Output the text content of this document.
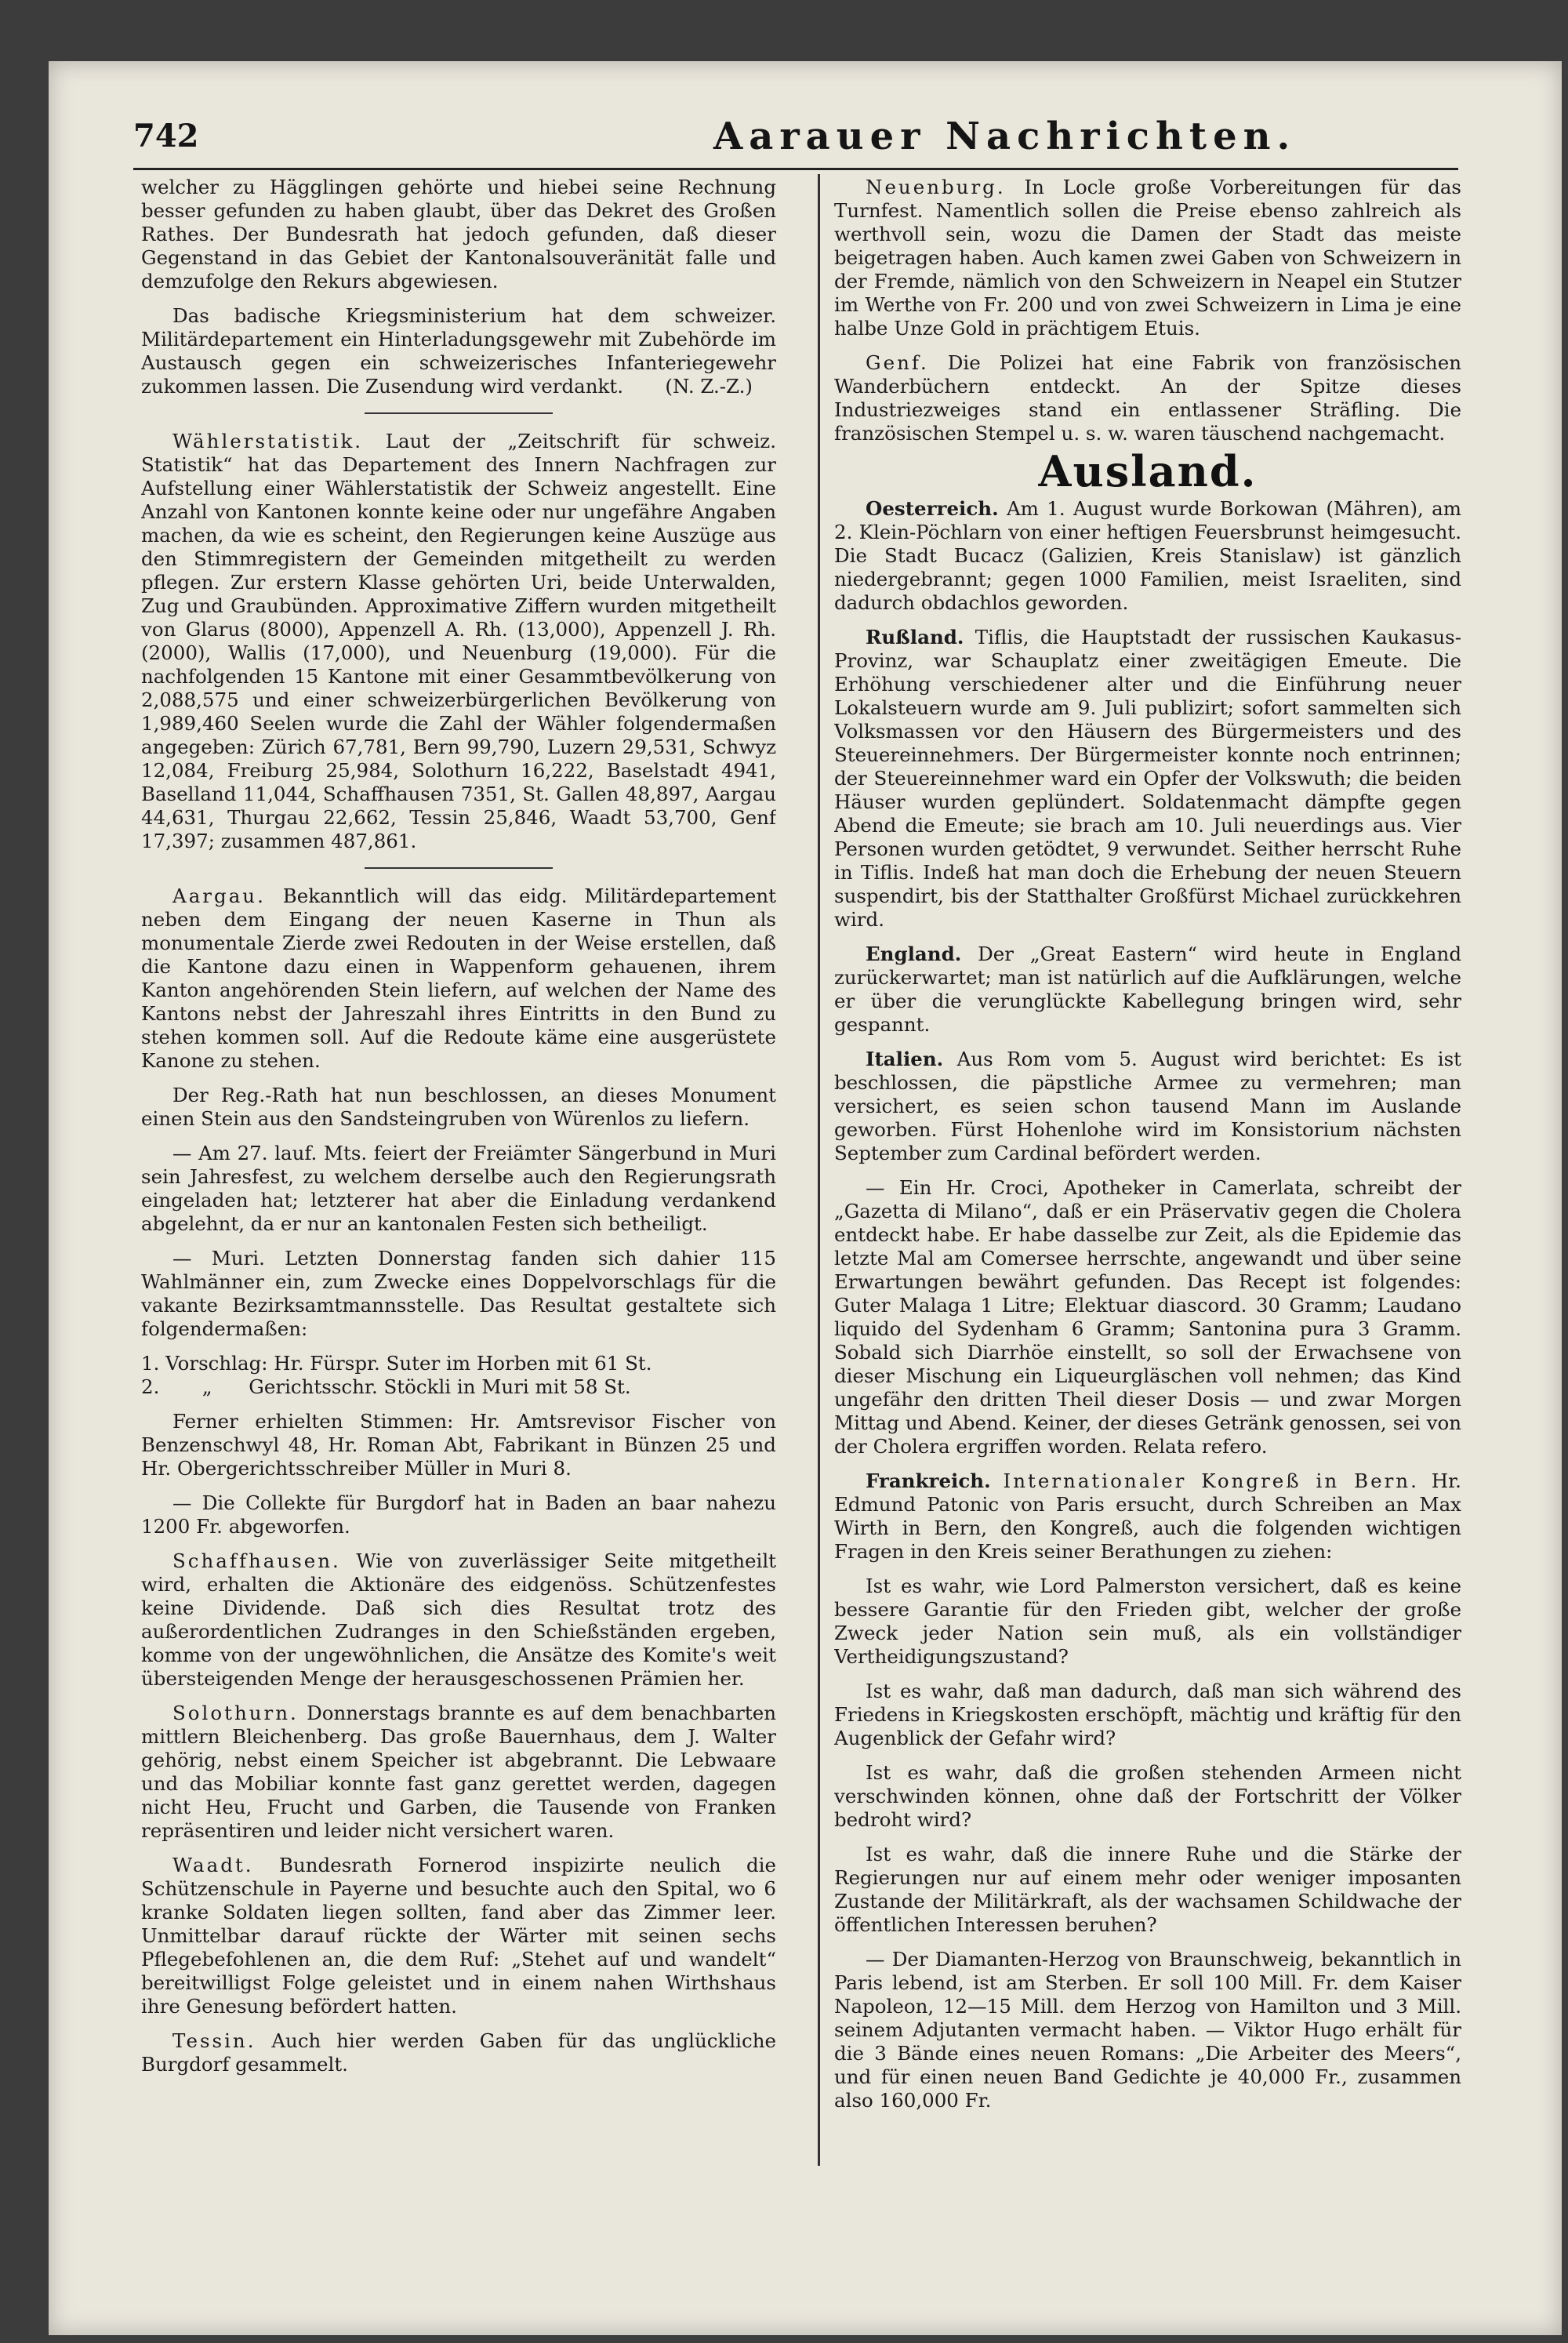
742	Aarauer Nachrichten.

welcher zu Hägglingen gehörte und hiebei seine Rechnung besser gefunden zu haben glaubt, über das Dekret des Großen Rathes. Der Bundesrath hat jedoch gefunden, daß dieser Gegenstand in das Gebiet der Kantonalsouveränität falle und demzufolge den Rekurs abgewiesen.

Das badische Kriegsministerium hat dem schweizer. Militärdepartement ein Hinterladungsgewehr mit Zubehörde im Austausch gegen ein schweizerisches Infanteriegewehr zukommen lassen. Die Zusendung wird verdankt.	(N. Z.-Z.)

Wählerstatistik. Laut der „Zeitschrift für schweiz. Statistik“ hat das Departement des Innern Nachfragen zur Aufstellung einer Wählerstatistik der Schweiz angestellt. Eine Anzahl von Kantonen konnte keine oder nur ungefähre Angaben machen, da wie es scheint, den Regierungen keine Auszüge aus den Stimmregistern der Gemeinden mitgetheilt zu werden pflegen. Zur erstern Klasse gehörten Uri, beide Unterwalden, Zug und Graubünden. Approximative Ziffern wurden mitgetheilt von Glarus (8000), Appenzell A. Rh. (13,000), Appenzell J. Rh. (2000), Wallis (17,000), und Neuenburg (19,000). Für die nachfolgenden 15 Kantone mit einer Gesammtbevölkerung von 2,088,575 und einer schweizerbürgerlichen Bevölkerung von 1,989,460 Seelen wurde die Zahl der Wähler folgendermaßen angegeben: Zürich 67,781, Bern 99,790, Luzern 29,531, Schwyz 12,084, Freiburg 25,984, Solothurn 16,222, Baselstadt 4941, Baselland 11,044, Schaffhausen 7351, St. Gallen 48,897, Aargau 44,631, Thurgau 22,662, Tessin 25,846, Waadt 53,700, Genf 17,397; zusammen 487,861.

Aargau. Bekanntlich will das eidg. Militärdepartement neben dem Eingang der neuen Kaserne in Thun als monumentale Zierde zwei Redouten in der Weise erstellen, daß die Kantone dazu einen in Wappenform gehauenen, ihrem Kanton angehörenden Stein liefern, auf welchen der Name des Kantons nebst der Jahreszahl ihres Eintritts in den Bund zu stehen kommen soll. Auf die Redoute käme eine ausgerüstete Kanone zu stehen.

Der Reg.-Rath hat nun beschlossen, an dieses Monument einen Stein aus den Sandsteingruben von Würenlos zu liefern.

— Am 27. lauf. Mts. feiert der Freiämter Sängerbund in Muri sein Jahresfest, zu welchem derselbe auch den Regierungsrath eingeladen hat; letzterer hat aber die Einladung verdankend abgelehnt, da er nur an kantonalen Festen sich betheiligt.

— Muri. Letzten Donnerstag fanden sich dahier 115 Wahlmänner ein, zum Zwecke eines Doppelvorschlags für die vakante Bezirksamtmannsstelle. Das Resultat gestaltete sich folgendermaßen:

1. Vorschlag: Hr. Fürspr. Suter im Horben mit 61 St.

2.       „      Gerichtsschr. Stöckli in Muri mit 58 St.

Ferner erhielten Stimmen: Hr. Amtsrevisor Fischer von Benzenschwyl 48, Hr. Roman Abt, Fabrikant in Bünzen 25 und Hr. Obergerichtsschreiber Müller in Muri 8.

— Die Collekte für Burgdorf hat in Baden an baar nahezu 1200 Fr. abgeworfen.

Schaffhausen. Wie von zuverlässiger Seite mitgetheilt wird, erhalten die Aktionäre des eidgenöss. Schützenfestes keine Dividende. Daß sich dies Resultat trotz des außerordentlichen Zudranges in den Schießständen ergeben, komme von der ungewöhnlichen, die Ansätze des Komite's weit übersteigenden Menge der herausgeschossenen Prämien her.

Solothurn. Donnerstags brannte es auf dem benachbarten mittlern Bleichenberg. Das große Bauernhaus, dem J. Walter gehörig, nebst einem Speicher ist abgebrannt. Die Lebwaare und das Mobiliar konnte fast ganz gerettet werden, dagegen nicht Heu, Frucht und Garben, die Tausende von Franken repräsentiren und leider nicht versichert waren.

Waadt. Bundesrath Fornerod inspizirte neulich die Schützenschule in Payerne und besuchte auch den Spital, wo 6 kranke Soldaten liegen sollten, fand aber das Zimmer leer. Unmittelbar darauf rückte der Wärter mit seinen sechs Pflegebefohlenen an, die dem Ruf: „Stehet auf und wandelt“ bereitwilligst Folge geleistet und in einem nahen Wirthshaus ihre Genesung befördert hatten.

Tessin. Auch hier werden Gaben für das unglückliche Burgdorf gesammelt.

Neuenburg. In Locle große Vorbereitungen für das Turnfest. Namentlich sollen die Preise ebenso zahlreich als werthvoll sein, wozu die Damen der Stadt das meiste beigetragen haben. Auch kamen zwei Gaben von Schweizern in der Fremde, nämlich von den Schweizern in Neapel ein Stutzer im Werthe von Fr. 200 und von zwei Schweizern in Lima je eine halbe Unze Gold in prächtigem Etuis.

Genf. Die Polizei hat eine Fabrik von französischen Wanderbüchern entdeckt. An der Spitze dieses Industriezweiges stand ein entlassener Sträfling. Die französischen Stempel u. s. w. waren täuschend nachgemacht.

Ausland.

Oesterreich. Am 1. August wurde Borkowan (Mähren), am 2. Klein-Pöchlarn von einer heftigen Feuersbrunst heimgesucht. Die Stadt Bucacz (Galizien, Kreis Stanislaw) ist gänzlich niedergebrannt; gegen 1000 Familien, meist Israeliten, sind dadurch obdachlos geworden.

Rußland. Tiflis, die Hauptstadt der russischen Kaukasus-Provinz, war Schauplatz einer zweitägigen Emeute. Die Erhöhung verschiedener alter und die Einführung neuer Lokalsteuern wurde am 9. Juli publizirt; sofort sammelten sich Volksmassen vor den Häusern des Bürgermeisters und des Steuereinnehmers. Der Bürgermeister konnte noch entrinnen; der Steuereinnehmer ward ein Opfer der Volkswuth; die beiden Häuser wurden geplündert. Soldatenmacht dämpfte gegen Abend die Emeute; sie brach am 10. Juli neuerdings aus. Vier Personen wurden getödtet, 9 verwundet. Seither herrscht Ruhe in Tiflis. Indeß hat man doch die Erhebung der neuen Steuern suspendirt, bis der Statthalter Großfürst Michael zurückkehren wird.

England. Der „Great Eastern“ wird heute in England zurückerwartet; man ist natürlich auf die Aufklärungen, welche er über die verunglückte Kabellegung bringen wird, sehr gespannt.

Italien. Aus Rom vom 5. August wird berichtet: Es ist beschlossen, die päpstliche Armee zu vermehren; man versichert, es seien schon tausend Mann im Auslande geworben. Fürst Hohenlohe wird im Konsistorium nächsten September zum Cardinal befördert werden.

— Ein Hr. Croci, Apotheker in Camerlata, schreibt der „Gazetta di Milano“, daß er ein Präservativ gegen die Cholera entdeckt habe. Er habe dasselbe zur Zeit, als die Epidemie das letzte Mal am Comersee herrschte, angewandt und über seine Erwartungen bewährt gefunden. Das Recept ist folgendes: Guter Malaga 1 Litre; Elektuar diascord. 30 Gramm; Laudano liquido del Sydenham 6 Gramm; Santonina pura 3 Gramm. Sobald sich Diarrhöe einstellt, so soll der Erwachsene von dieser Mischung ein Liqueurgläschen voll nehmen; das Kind ungefähr den dritten Theil dieser Dosis — und zwar Morgen Mittag und Abend. Keiner, der dieses Getränk genossen, sei von der Cholera ergriffen worden. Relata refero.

Frankreich. Internationaler Kongreß in Bern. Hr. Edmund Patonic von Paris ersucht, durch Schreiben an Max Wirth in Bern, den Kongreß, auch die folgenden wichtigen Fragen in den Kreis seiner Berathungen zu ziehen:

Ist es wahr, wie Lord Palmerston versichert, daß es keine bessere Garantie für den Frieden gibt, welcher der große Zweck jeder Nation sein muß, als ein vollständiger Vertheidigungszustand?

Ist es wahr, daß man dadurch, daß man sich während des Friedens in Kriegskosten erschöpft, mächtig und kräftig für den Augenblick der Gefahr wird?

Ist es wahr, daß die großen stehenden Armeen nicht verschwinden können, ohne daß der Fortschritt der Völker bedroht wird?

Ist es wahr, daß die innere Ruhe und die Stärke der Regierungen nur auf einem mehr oder weniger imposanten Zustande der Militärkraft, als der wachsamen Schildwache der öffentlichen Interessen beruhen?

— Der Diamanten-Herzog von Braunschweig, bekanntlich in Paris lebend, ist am Sterben. Er soll 100 Mill. Fr. dem Kaiser Napoleon, 12—15 Mill. dem Herzog von Hamilton und 3 Mill. seinem Adjutanten vermacht haben. — Viktor Hugo erhält für die 3 Bände eines neuen Romans: „Die Arbeiter des Meers“, und für einen neuen Band Gedichte je 40,000 Fr., zusammen also 160,000 Fr.
